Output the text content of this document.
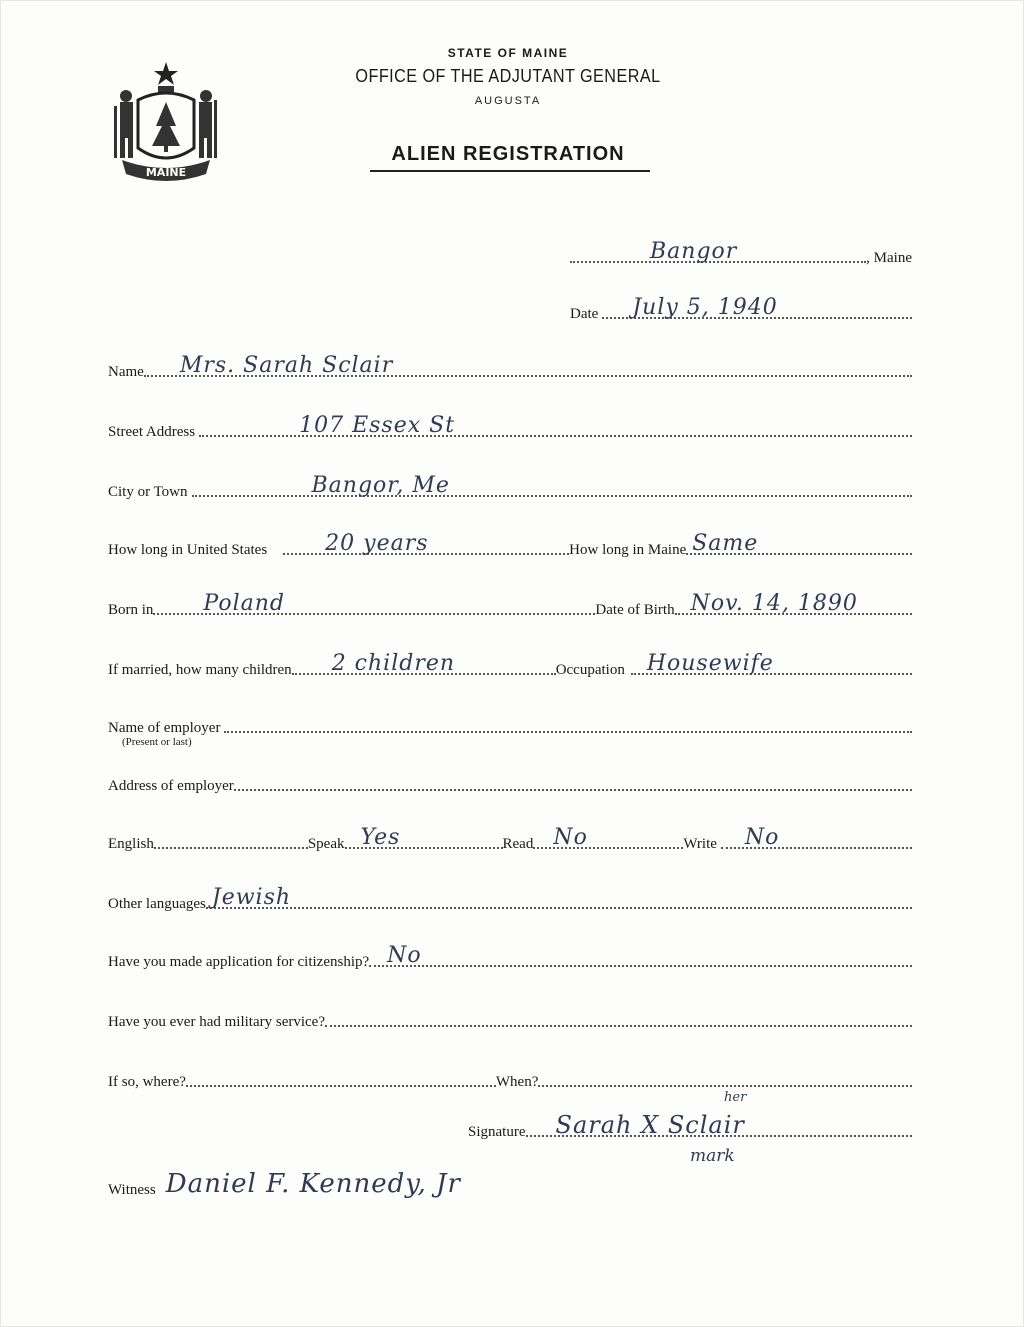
MAINE
STATE OF MAINE
OFFICE OF THE ADJUTANT GENERAL
AUGUSTA
ALIEN REGISTRATION
Bangor	, Maine
Date July 5, 1940
Name Mrs. Sarah Sclair
Street Address	107 Essex St
City or Town	Bangor, Me
How long in United States	20 years	How long in Maine Same
Born in Poland	Date of Birth Nov. 14, 1890
If married, how many children 2 children	Occupation Housewife
Name of employer
(Present or last)
Address of employer
English	Speak Yes	Read No	Write No
Other languages Jewish
Have you made application for citizenship? No
Have you ever had military service?
If so, where?	When?
her
Signature Sarah X Sclair
mark
Witness Daniel F. Kennedy, Jr
